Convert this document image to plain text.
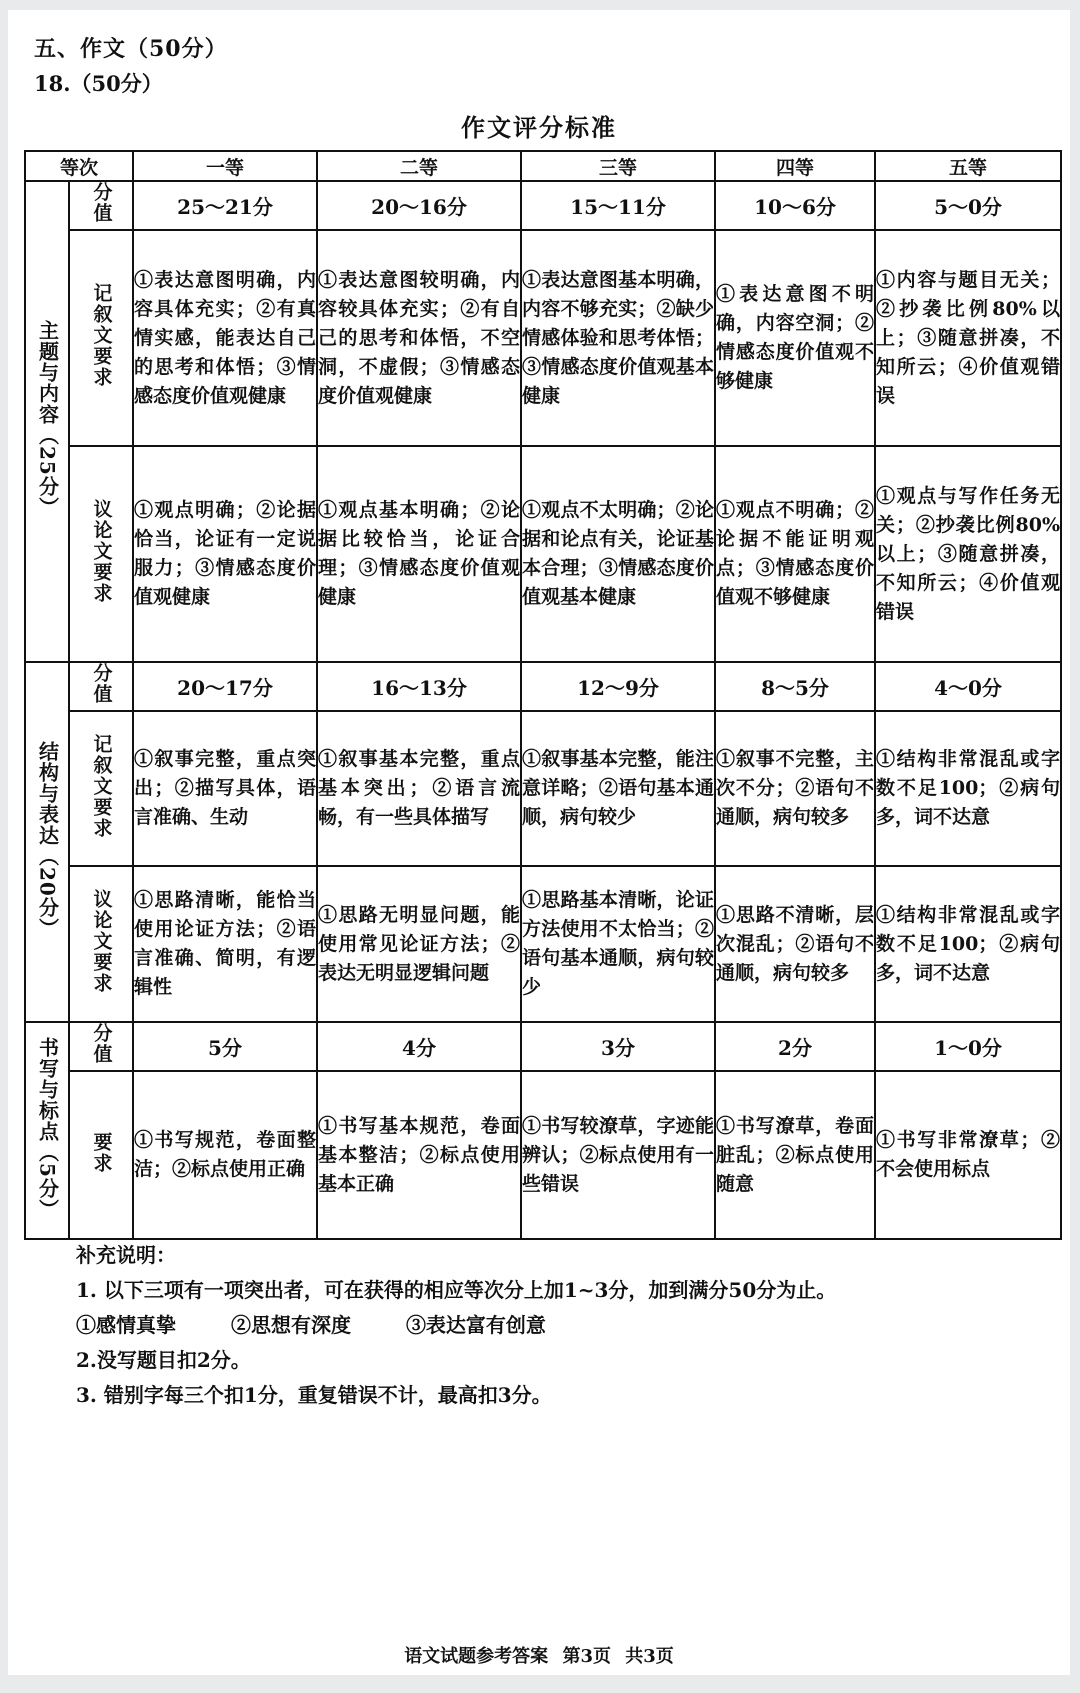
五、作文（50分）
18.（50分）
作文评分标准
等次		一等	二等	三等	四等	五等
主题与内容（25分）	分值	25～21分	20～16分	15～11分	10～6分	5～0分
	记叙文要求	①表达意图明确，内容具体充实；②有真情实感，能表达自己的思考和体悟；③情感态度价值观健康	①表达意图较明确，内容较具体充实；②有自己的思考和体悟，不空洞，不虚假；③情感态度价值观健康	①表达意图基本明确，内容不够充实；②缺少情感体验和思考体悟；③情感态度价值观基本健康	①表达意图不明确，内容空洞；②情感态度价值观不够健康	①内容与题目无关；②抄袭比例80%以上；③随意拼凑，不知所云；④价值观错误
	议论文要求	①观点明确；②论据恰当，论证有一定说服力；③情感态度价值观健康	①观点基本明确；②论据比较恰当，论证合理；③情感态度价值观健康	①观点不太明确；②论据和论点有关，论证基本合理；③情感态度价值观基本健康	①观点不明确；②论据不能证明观点；③情感态度价值观不够健康	①观点与写作任务无关；②抄袭比例80%以上；③随意拼凑，不知所云；④价值观错误
结构与表达（20分）	分值	20～17分	16～13分	12～9分	8～5分	4～0分
	记叙文要求	①叙事完整，重点突出；②描写具体，语言准确、生动	①叙事基本完整，重点基本突出；②语言流畅，有一些具体描写	①叙事基本完整，能注意详略；②语句基本通顺，病句较少	①叙事不完整，主次不分；②语句不通顺，病句较多	①结构非常混乱或字数不足100；②病句多，词不达意
	议论文要求	①思路清晰，能恰当使用论证方法；②语言准确、简明，有逻辑性	①思路无明显问题，能使用常见论证方法；②表达无明显逻辑问题	①思路基本清晰，论证方法使用不太恰当；②语句基本通顺，病句较少	①思路不清晰，层次混乱；②语句不通顺，病句较多	①结构非常混乱或字数不足100；②病句多，词不达意
书写与标点（5分）	分值	5分	4分	3分	2分	1～0分
	要求	①书写规范，卷面整洁；②标点使用正确	①书写基本规范，卷面基本整洁；②标点使用基本正确	①书写较潦草，字迹能辨认；②标点使用有一些错误	①书写潦草，卷面脏乱；②标点使用随意	①书写非常潦草；②不会使用标点
补充说明：
1. 以下三项有一项突出者，可在获得的相应等次分上加1~3分，加到满分50分为止。
①感情真挚	②思想有深度	③表达富有创意
2.没写题目扣2分。
3. 错别字每三个扣1分，重复错误不计，最高扣3分。
语文试题参考答案 第3页 共3页
